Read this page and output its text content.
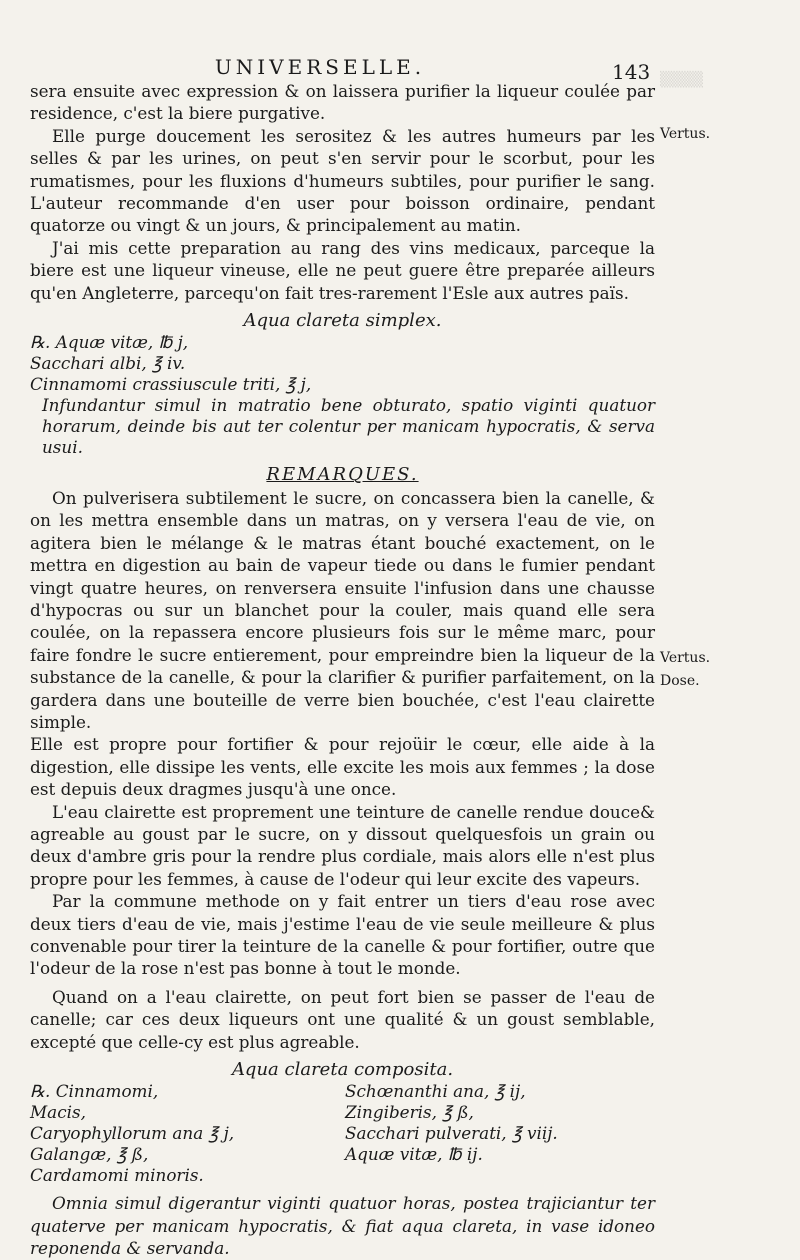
▒▒▒▒
UNIVERSELLE.	143
Vertus.
Vertus.
Dose.

sera ensuite avec expression & on laissera purifier la liqueur coulée par residence, c'est la biere purgative.

Elle purge doucement les serositez & les autres humeurs par les selles & par les urines, on peut s'en servir pour le scorbut, pour les rumatismes, pour les fluxions d'humeurs subtiles, pour purifier le sang. L'auteur recommande d'en user pour boisson ordinaire, pendant quatorze ou vingt & un jours, & principalement au matin.

J'ai mis cette preparation au rang des vins medicaux, parceque la biere est une liqueur vineuse, elle ne peut guere être preparée ailleurs qu'en Angleterre, parcequ'on fait tres-rarement l'Esle aux autres païs.

Aqua clareta simplex.
℞. Aquæ vitæ, ℔ j,
Sacchari albi, ℥ iv.
Cinnamomi crassiuscule triti, ℥ j,
Infundantur simul in matratio bene obturato, spatio viginti quatuor horarum, deinde bis aut ter colentur per manicam hypocratis, & serva usui.
REMARQUES.

On pulverisera subtilement le sucre, on concassera bien la canelle, & on les mettra ensemble dans un matras, on y versera l'eau de vie, on agitera bien le mélange & le matras étant bouché exactement, on le mettra en digestion au bain de vapeur tiede ou dans le fumier pendant vingt quatre heures, on renversera ensuite l'infusion dans une chausse d'hypocras ou sur un blanchet pour la couler, mais quand elle sera coulée, on la repassera encore plusieurs fois sur le même marc, pour faire fondre le sucre entierement, pour empreindre bien la liqueur de la substance de la canelle, & pour la clarifier & purifier parfaitement, on la gardera dans une bouteille de verre bien bouchée, c'est l'eau clairette simple.

Elle est propre pour fortifier & pour rejoüir le cœur, elle aide à la digestion, elle dissipe les vents, elle excite les mois aux femmes ; la dose est depuis deux dragmes jusqu'à une once.

L'eau clairette est proprement une teinture de canelle rendue douce& agreable au goust par le sucre, on y dissout quelquesfois un grain ou deux d'ambre gris pour la rendre plus cordiale, mais alors elle n'est plus propre pour les femmes, à cause de l'odeur qui leur excite des vapeurs.

Par la commune methode on y fait entrer un tiers d'eau rose avec deux tiers d'eau de vie, mais j'estime l'eau de vie seule meilleure & plus convenable pour tirer la teinture de la canelle & pour fortifier, outre que l'odeur de la rose n'est pas bonne à tout le monde.

Quand on a l'eau clairette, on peut fort bien se passer de l'eau de canelle; car ces deux liqueurs ont une qualité & un goust semblable, excepté que celle-cy est plus agreable.

Aqua clareta composita.
℞. Cinnamomi,
Macis,
Caryophyllorum ana ℥ j,
Galangæ, ℥ ß,
Cardamomi minoris.
Schœnanthi ana, ℥ ij,
Zingiberis, ℥ ß,
Sacchari pulverati, ℥ viij.
Aquæ vitæ, ℔ ij.

Omnia simul digerantur viginti quatuor horas, postea trajiciantur ter quaterve per manicam hypocratis, & fiat aqua clareta, in vase idoneo reponenda & servanda.
